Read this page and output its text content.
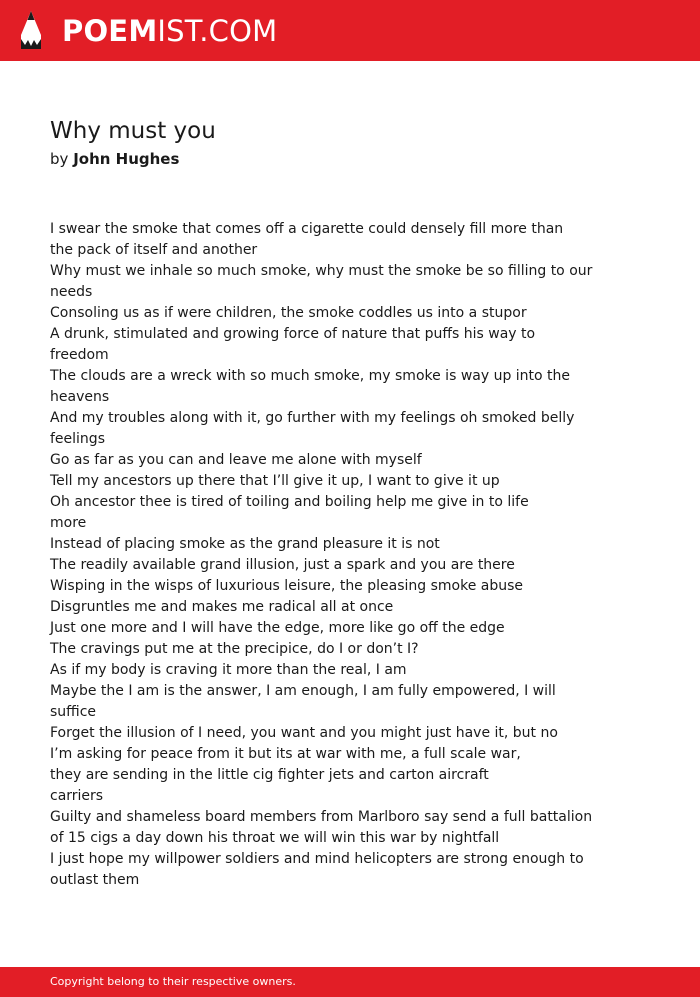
POEMIST.COM
Why must you
by John Hughes
I swear the smoke that comes off a cigarette could densely fill more than
the pack of itself and another
Why must we inhale so much smoke, why must the smoke be so filling to our
needs
Consoling us as if were children, the smoke coddles us into a stupor
A drunk, stimulated and growing force of nature that puffs his way to
freedom
The clouds are a wreck with so much smoke, my smoke is way up into the
heavens
And my troubles along with it, go further with my feelings oh smoked belly
feelings
Go as far as you can and leave me alone with myself
Tell my ancestors up there that I’ll give it up, I want to give it up
Oh ancestor thee is tired of toiling and boiling help me give in to life
more
Instead of placing smoke as the grand pleasure it is not
The readily available grand illusion, just a spark and you are there
Wisping in the wisps of luxurious leisure, the pleasing smoke abuse
Disgruntles me and makes me radical all at once
Just one more and I will have the edge, more like go off the edge
The cravings put me at the precipice, do I or don’t I?
As if my body is craving it more than the real, I am
Maybe the I am is the answer, I am enough, I am fully empowered, I will
suffice
Forget the illusion of I need, you want and you might just have it, but no
I’m asking for peace from it but its at war with me, a full scale war,
they are sending in the little cig fighter jets and carton aircraft
carriers
Guilty and shameless board members from Marlboro say send a full battalion
of 15 cigs a day down his throat we will win this war by nightfall
I just hope my willpower soldiers and mind helicopters are strong enough to
outlast them
Copyright belong to their respective owners.
